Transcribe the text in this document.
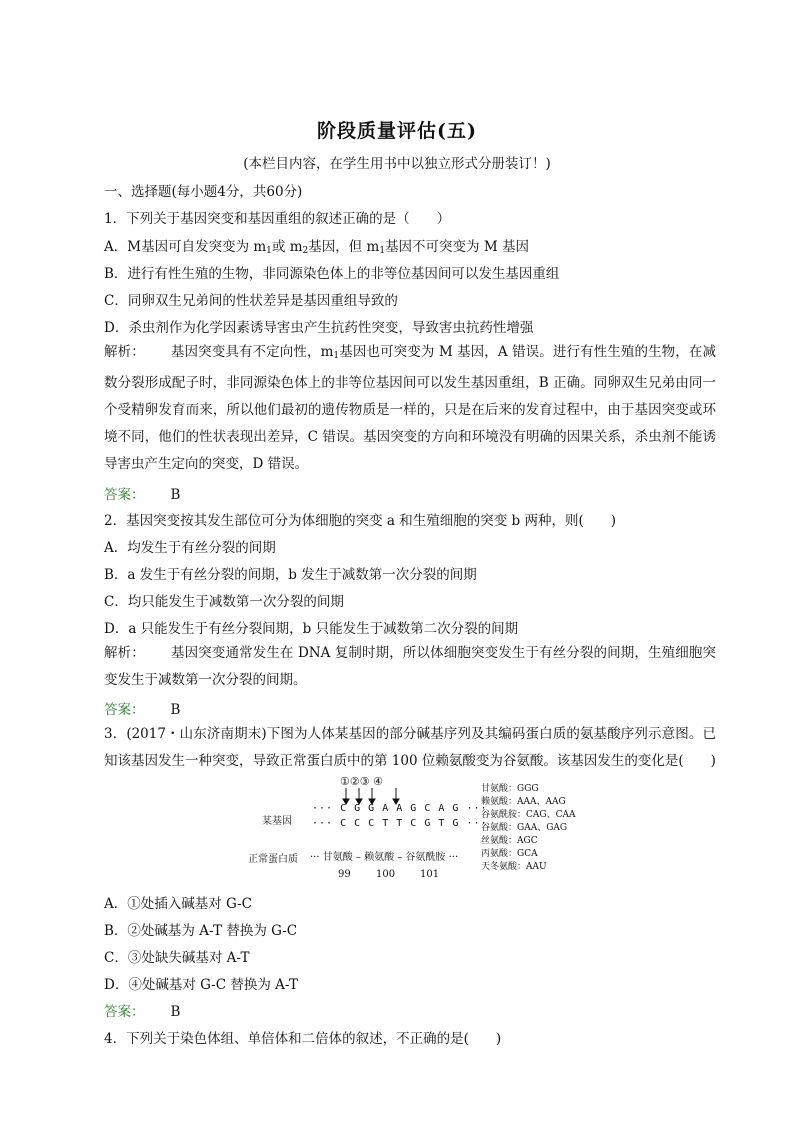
阶段质量评估(五)
(本栏目内容，在学生用书中以独立形式分册装订！)
一、选择题(每小题4分，共60分)
1．下列关于基因突变和基因重组的叙述正确的是（　　）
A．M基因可自发突变为 $m_1$或 $m_2$基因，但 $m_1$基因不可突变为 M 基因
B．进行有性生殖的生物，非同源染色体上的非等位基因间可以发生基因重组
C．同卵双生兄弟间的性状差异是基因重组导致的
D．杀虫剂作为化学因素诱导害虫产生抗药性突变，导致害虫抗药性增强
解析： 基因突变具有不定向性，$m_1$基因也可突变为 M 基因，A 错误。进行有性生殖的生物，在减数分裂形成配子时，非同源染色体上的非等位基因间可以发生基因重组，B 正确。同卵双生兄弟由同一个受精卵发育而来，所以他们最初的遗传物质是一样的，只是在后来的发育过程中，由于基因突变或环境不同，他们的性状表现出差异，C 错误。基因突变的方向和环境没有明确的因果关系，杀虫剂不能诱导害虫产生定向的突变，D 错误。
答案： B
2．基因突变按其发生部位可分为体细胞的突变 a 和生殖细胞的突变 b 两种，则(　　)
A．均发生于有丝分裂的间期
B．a 发生于有丝分裂的间期，b 发生于减数第一次分裂的间期
C．均只能发生于减数第一次分裂的间期
D．a 只能发生于有丝分裂间期，b 只能发生于减数第二次分裂的间期
解析： 基因突变通常发生在 DNA 复制时期，所以体细胞突变发生于有丝分裂的间期，生殖细胞突变发生于减数第一次分裂的间期。
答案： B
3．(2017・山东济南期末)下图为人体某基因的部分碱基序列及其编码蛋白质的氨基酸序列示意图。已知该基因发生一种突变，导致正常蛋白质中的第 100 位赖氨酸变为谷氨酸。该基因发生的变化是(　　)
①②③ ④
某基因
··· C G G A A G C A G ···
··· C C C T T C G T G ···
正常蛋白质 ··· 甘氨酸 – 赖氨酸 – 谷氨酰胺 ···
99	100 101
甘氨酸：GGG
赖氨酸：AAA、AAG
谷氨酰胺：CAG、CAA
谷氨酸：GAA、GAG
丝氨酸：AGC
丙氨酸：GCA
天冬氨酸：AAU
A．①处插入碱基对 G-C
B．②处碱基为 A-T 替换为 G-C
C．③处缺失碱基对 A-T
D．④处碱基对 G-C 替换为 A-T
答案： B
4．下列关于染色体组、单倍体和二倍体的叙述，不正确的是(　　)
